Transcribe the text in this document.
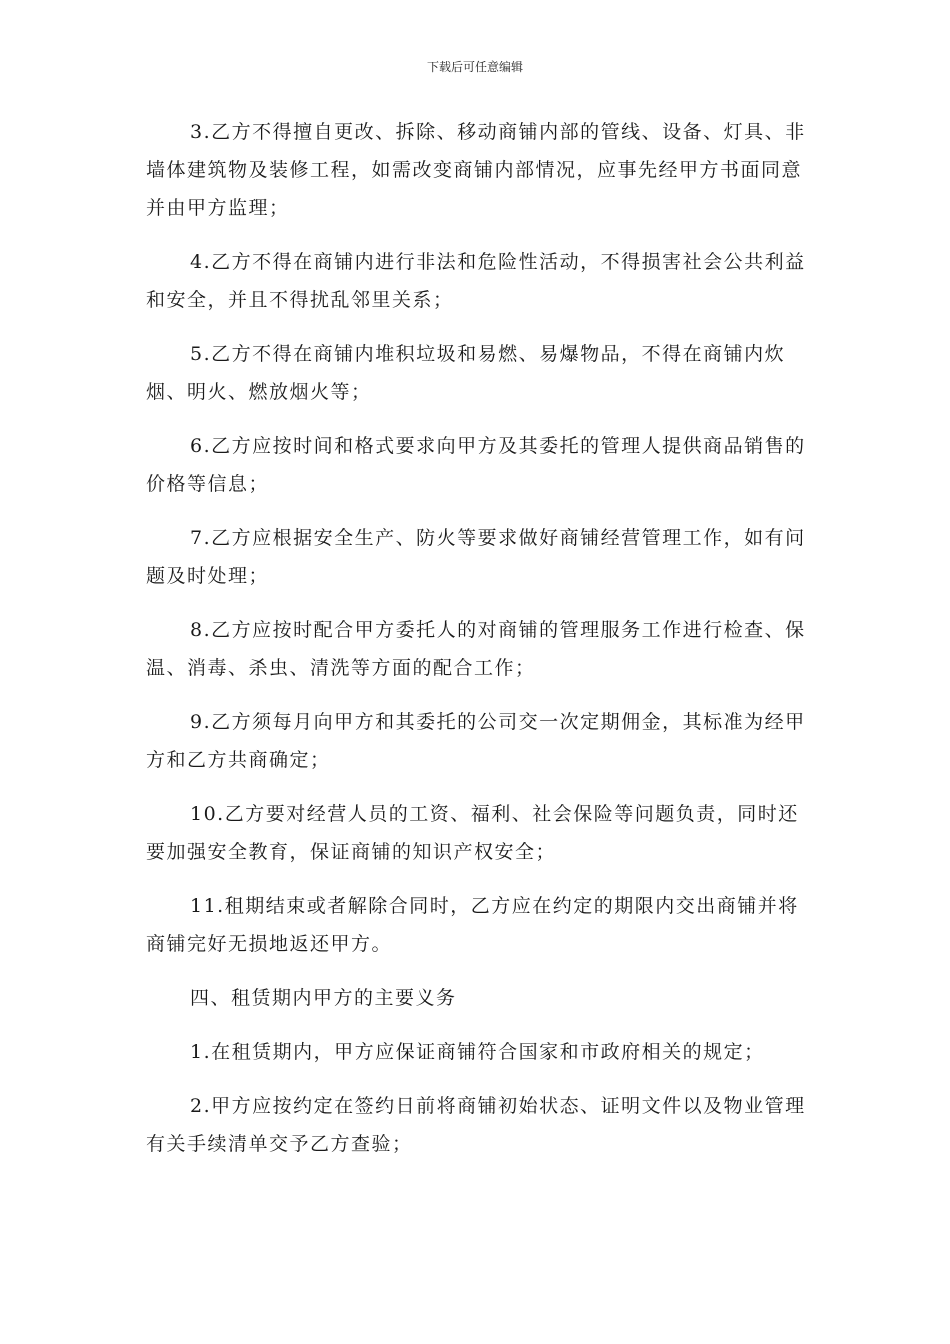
下载后可任意编辑

3.乙方不得擅自更改、拆除、移动商铺内部的管线、设备、灯具、非墙体建筑物及装修工程，如需改变商铺内部情况，应事先经甲方书面同意并由甲方监理；

4.乙方不得在商铺内进行非法和危险性活动，不得损害社会公共利益和安全，并且不得扰乱邻里关系；

5.乙方不得在商铺内堆积垃圾和易燃、易爆物品，不得在商铺内炊烟、明火、燃放烟火等；

6.乙方应按时间和格式要求向甲方及其委托的管理人提供商品销售的价格等信息；

7.乙方应根据安全生产、防火等要求做好商铺经营管理工作，如有问题及时处理；

8.乙方应按时配合甲方委托人的对商铺的管理服务工作进行检查、保温、消毒、杀虫、清洗等方面的配合工作；

9.乙方须每月向甲方和其委托的公司交一次定期佣金，其标准为经甲方和乙方共商确定；

10.乙方要对经营人员的工资、福利、社会保险等问题负责，同时还要加强安全教育，保证商铺的知识产权安全；

11.租期结束或者解除合同时，乙方应在约定的期限内交出商铺并将商铺完好无损地返还甲方。

四、租赁期内甲方的主要义务

1.在租赁期内，甲方应保证商铺符合国家和市政府相关的规定；

2.甲方应按约定在签约日前将商铺初始状态、证明文件以及物业管理有关手续清单交予乙方查验；
